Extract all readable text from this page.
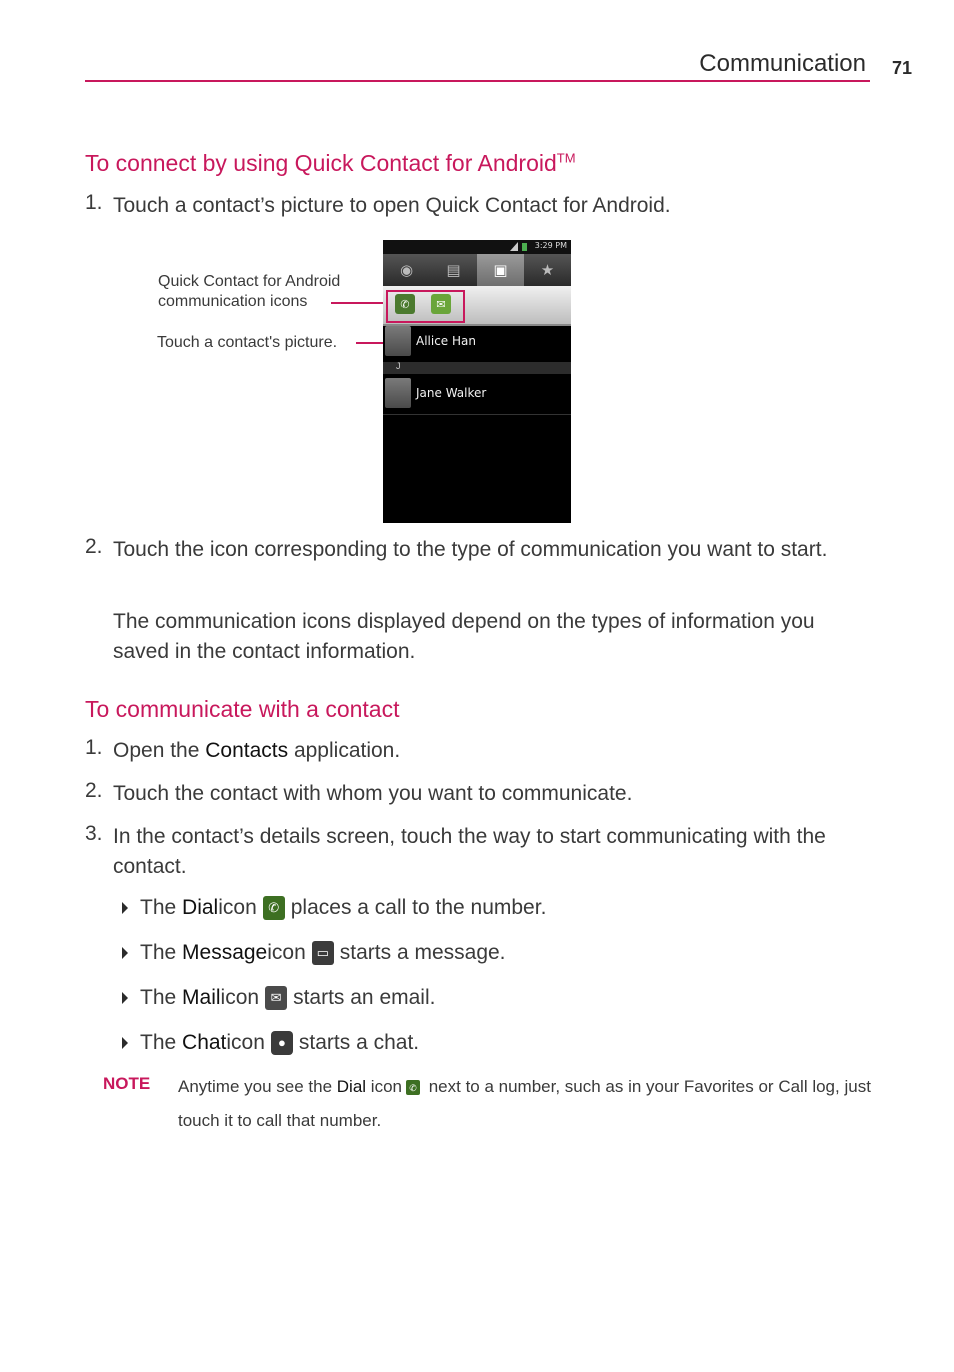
Communication 71
To connect by using Quick Contact for Android™
1. Touch a contact’s picture to open Quick Contact for Android.
Quick Contact for Android
communication icons
Touch a contact's picture.
3:29 PM
◉	▤	▣	★
✆	✉
Allice Han
J
Jane Walker
2. Touch the icon corresponding to the type of communication you want to start.
The communication icons displayed depend on the types of information you saved in the contact information.
To communicate with a contact
1. Open the Contacts application.
2. Touch the contact with whom you want to communicate.
3. In the contact’s details screen, touch the way to start communicating with the contact.
The
Dial icon ✆ places a call to the number.
The
Message icon ▭ starts a message.
The
Mail icon ✉ starts an email.
The
Chat icon	● starts a chat.
NOTE Anytime you see the Dial icon ✆ next to a number, such as in your Favorites or Call log, just touch it to call that number.
